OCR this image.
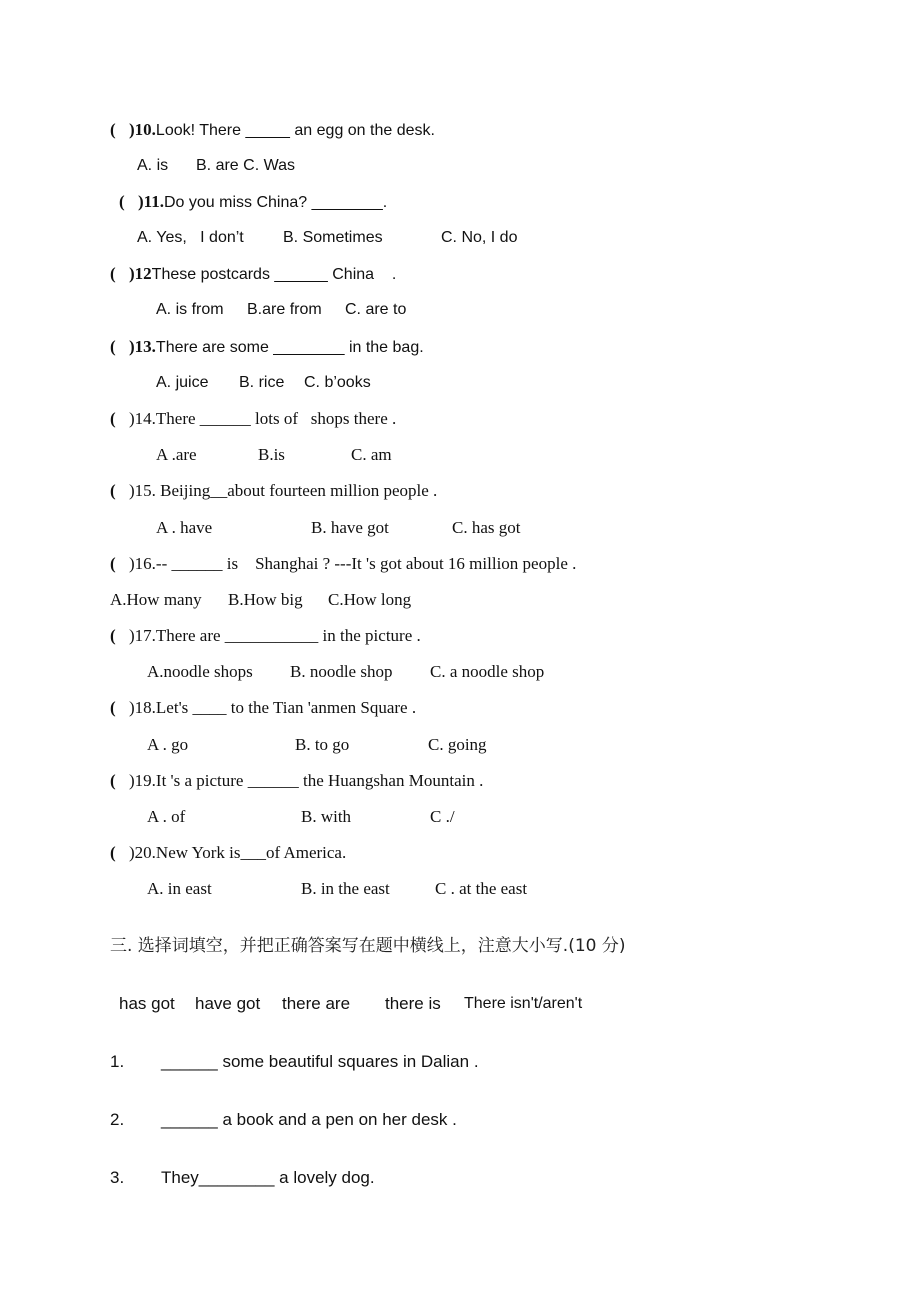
( )10.Look! There _____ an egg on the desk.
A. is B. are C. Was
( )11.Do you miss China? ________.
A. Yes,   I don’t B. Sometimes	C. No, I do
( )12These postcards ______ China    .
A. is from B.are from C. are to
( )13.There are some ________ in the bag.
A. juice B. rice C. b’ooks
( )14.There ______ lots of   shops there .
A .are	B.is	C. am
( )15. Beijing__about fourteen million people .
A . have	B. have got	C. has got
( )16.-- ______ is    Shanghai ? ---It 's got about 16 million people .
A.How many B.How big C.How long
( )17.There are ___________ in the picture .
A.noodle shops B. noodle shop C. a noodle shop
( )18.Let's ____ to the Tian 'anmen Square .
A . go	B. to go	C. going
( )19.It 's a picture ______ the Huangshan Mountain .
A . of	B. with	C ./
( )20.New York is___of America.
A. in east	B. in the east	C . at the east
三. 选择词填空，并把正确答案写在题中横线上，注意大小写.(10 分)
has got have got there are there is There isn't/aren't
1. ______ some beautiful squares in Dalian .
2. ______ a book and a pen on her desk .
3. They________ a lovely dog.
